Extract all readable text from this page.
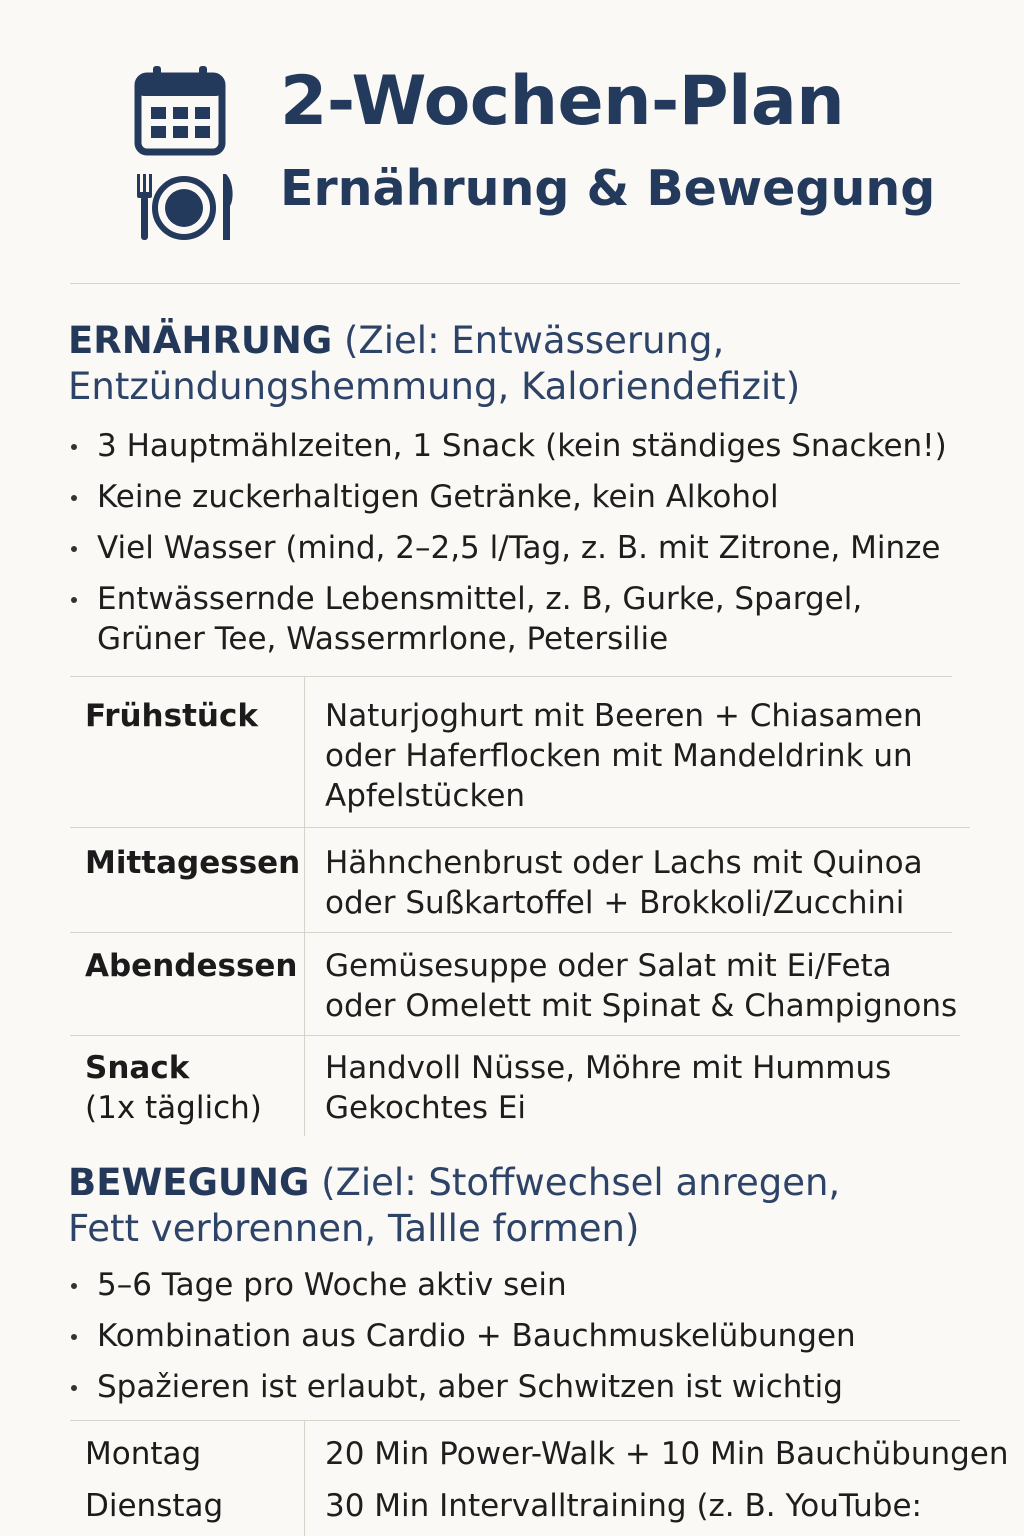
2-Wochen-Plan
Ernährung & Bewegung
ERNÄHRUNG (Ziel: Entwässerung,
Entzündungshemmung, Kaloriendefizit)
3 Hauptmählzeiten, 1 Snack (kein ständiges Snacken!)
Keine zuckerhaltigen Getränke, kein Alkohol
Viel Wasser (mind, 2–2,5 l/Tag, z. B. mit Zitrone, Minze
Entwässernde Lebensmittel, z. B, Gurke, Spargel,
Grüner Tee, Wassermrlone, Petersilie
Frühstück Naturjoghurt mit Beeren + Chiasamen
oder Haferflocken mit Mandeldrink un
Apfelstücken
Mittagessen Hähnchenbrust oder Lachs mit Quinoa
oder Sußkartoffel + Brokkoli/Zucchini
Abendessen Gemüsesuppe oder Salat mit Ei/Feta
oder Omelett mit Spinat & Champignons
Snack
(1x täglich)
Handvoll Nüsse, Möhre mit Hummus
Gekochtes Ei
BEWEGUNG (Ziel: Stoffwechsel anregen,
Fett verbrennen, Tallle formen)
5–6 Tage pro Woche aktiv sein
Kombination aus Cardio + Bauchmuskelübungen
Spažieren ist erlaubt, aber Schwitzen ist wichtig
Montag	20 Min Power-Walk + 10 Min Bauchübungen
Dienstag	30 Min Intervalltraining (z. B. YouTube:
